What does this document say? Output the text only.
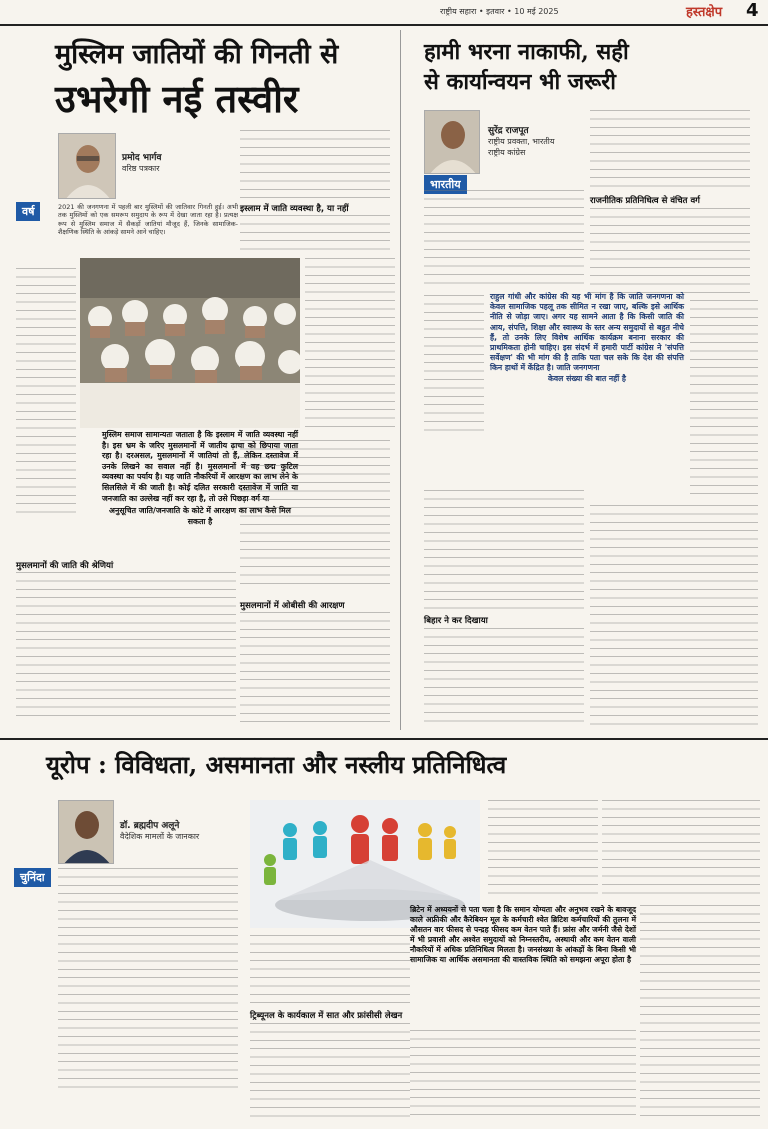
राष्ट्रीय सहारा • इतवार • 10 मई 2025	हस्तक्षेप 4
मुस्लिम जातियों की गिनती से
उभरेगी नई तस्वीर
प्रमोद भार्गव
वरिष्ठ पत्रकार
वर्ष	2021 की जनगणना में पहली बार मुस्लिमों की जातिवार गिनती हुई। अभी तक मुस्लिमों को एक समरूप समुदाय के रूप में देखा जाता रहा है। प्रत्यक्ष रूप से मुस्लिम समाज में सैकड़ों जातियां मौजूद हैं, जिनके सामाजिक-शैक्षणिक स्थिति के आंकड़े सामने आने चाहिए।
इस्लाम में जाति व्यवस्था है, या नहीं
मुस्लिम समाज सामान्यतः जताता है कि इस्लाम में जाति व्यवस्था नहीं है। इस भ्रम के जरिए मुसलमानों में जातीय ढ़ाचा को छिपाया जाता रहा है। दरअसल, मुसलमानों में जातियां तो हैं, लेकिन दस्तावेज में उनके लिखने का सवाल नहीं है। मुसलमानों में वह छद्म कुटिल व्यवस्था का पर्याय है। यह जाति नौकरियों में आरक्षण का लाभ लेने के सिलसिले में की जाती है। कोई दलित सरकारी दस्तावेज में जाति या जनजाति का उल्लेख नहीं कर रहा है, तो उसे पिछड़ा वर्ग या
अनुसूचित जाति/जनजाति के कोटे में आरक्षण का लाभ कैसे मिल सकता है
मुसलमानों की जाति की श्रेणियां
मुसलमानों में ओबीसी की आरक्षण
हामी भरना नाकाफी, सही
से कार्यान्वयन भी जरूरी
सुरेंद्र राजपूत
राष्ट्रीय प्रवक्ता, भारतीय
राष्ट्रीय कांग्रेस
भारतीय
राजनीतिक प्रतिनिधित्व से वंचित वर्ग
राहुल गांधी और कांग्रेस की यह भी मांग है कि जाति जनगणना को केवल सामाजिक पहलू तक सीमित न रखा जाए, बल्कि इसे आर्थिक नीति से जोड़ा जाए। अगर यह सामने आता है कि किसी जाति की आय, संपत्ति, शिक्षा और स्वास्थ्य के स्तर अन्य समुदायों से बहुत नीचे हैं, तो उनके लिए विशेष आर्थिक कार्यक्रम बनाना सरकार की प्राथमिकता होनी चाहिए। इस संदर्भ में हमारी पार्टी कांग्रेस ने 'संपत्ति सर्वेक्षण' की भी मांग की है ताकि पता चल सके कि देश की संपत्ति किन हाथों में केंद्रित है। जाति जनगणना
केवल संख्या की बात नहीं है
बिहार ने कर दिखाया
यूरोप : विविधता, असमानता और नस्लीय प्रतिनिधित्व
डॉ. ब्रह्मदीप अलूने
वैदेशिक मामलों के जानकार
चुनिंदा
ट्रिब्यूनल के कार्यकाल में सात और फ्रांसीसी लेखन
ब्रिटेन में अध्ययनों से पता चला है कि समान योग्यता और अनुभव रखने के बावजूद काले अफ्रीकी और कैरेबियन मूल के कर्मचारी श्वेत ब्रिटिश कर्मचारियों की तुलना में औसतन वार फीसद से पन्द्रह फीसद कम वेतन पाते हैं। फ्रांस और जर्मनी जैसे देशों में भी प्रवासी और अश्वेत समुदायों को निम्नस्तरीय, अस्थायी और कम वेतन वाली नौकरियों में अधिक प्रतिनिधित्व मिलता है। जनसंख्या के आंकड़ों के बिना किसी भी सामाजिक या आर्थिक असमानता की वास्तविक स्थिति को समझना अपूरा होता है
